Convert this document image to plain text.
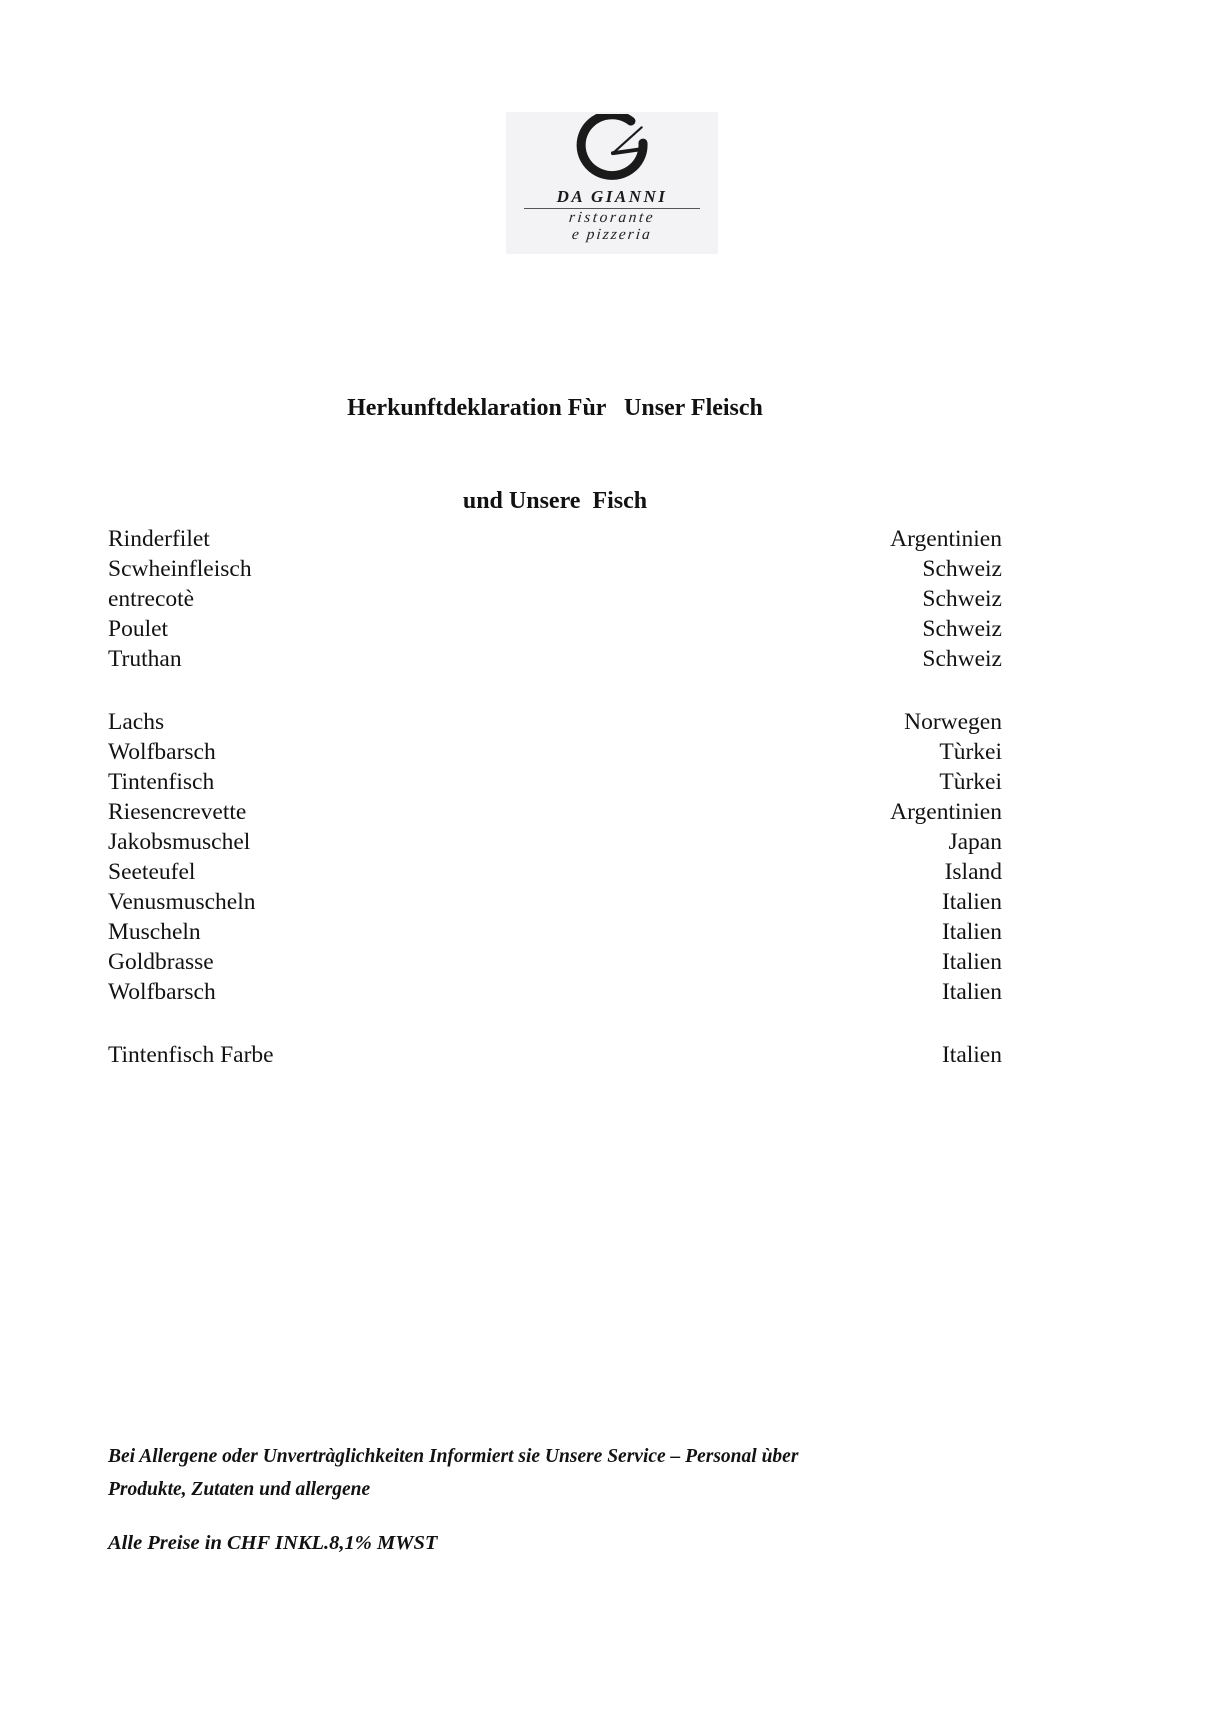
DA GIANNI
ristorante
e pizzeria

Herkunftdeklaration Fùr   Unser Fleisch

und Unsere  Fisch

Rinderfilet	Argentinien
Scwheinfleisch	Schweiz
entrecotè	Schweiz
Poulet	Schweiz
Truthan	Schweiz
Lachs	Norwegen
Wolfbarsch	Tùrkei
Tintenfisch	Tùrkei
Riesencrevette	Argentinien
Jakobsmuschel	Japan
Seeteufel	Island
Venusmuscheln	Italien
Muscheln	Italien
Goldbrasse	Italien
Wolfbarsch	Italien
Tintenfisch Farbe	Italien
Bei Allergene oder Unvertràglichkeiten Informiert sie Unsere Service – Personal ùber
Produkte, Zutaten und allergene
Alle Preise in CHF INKL.8,1% MWST
